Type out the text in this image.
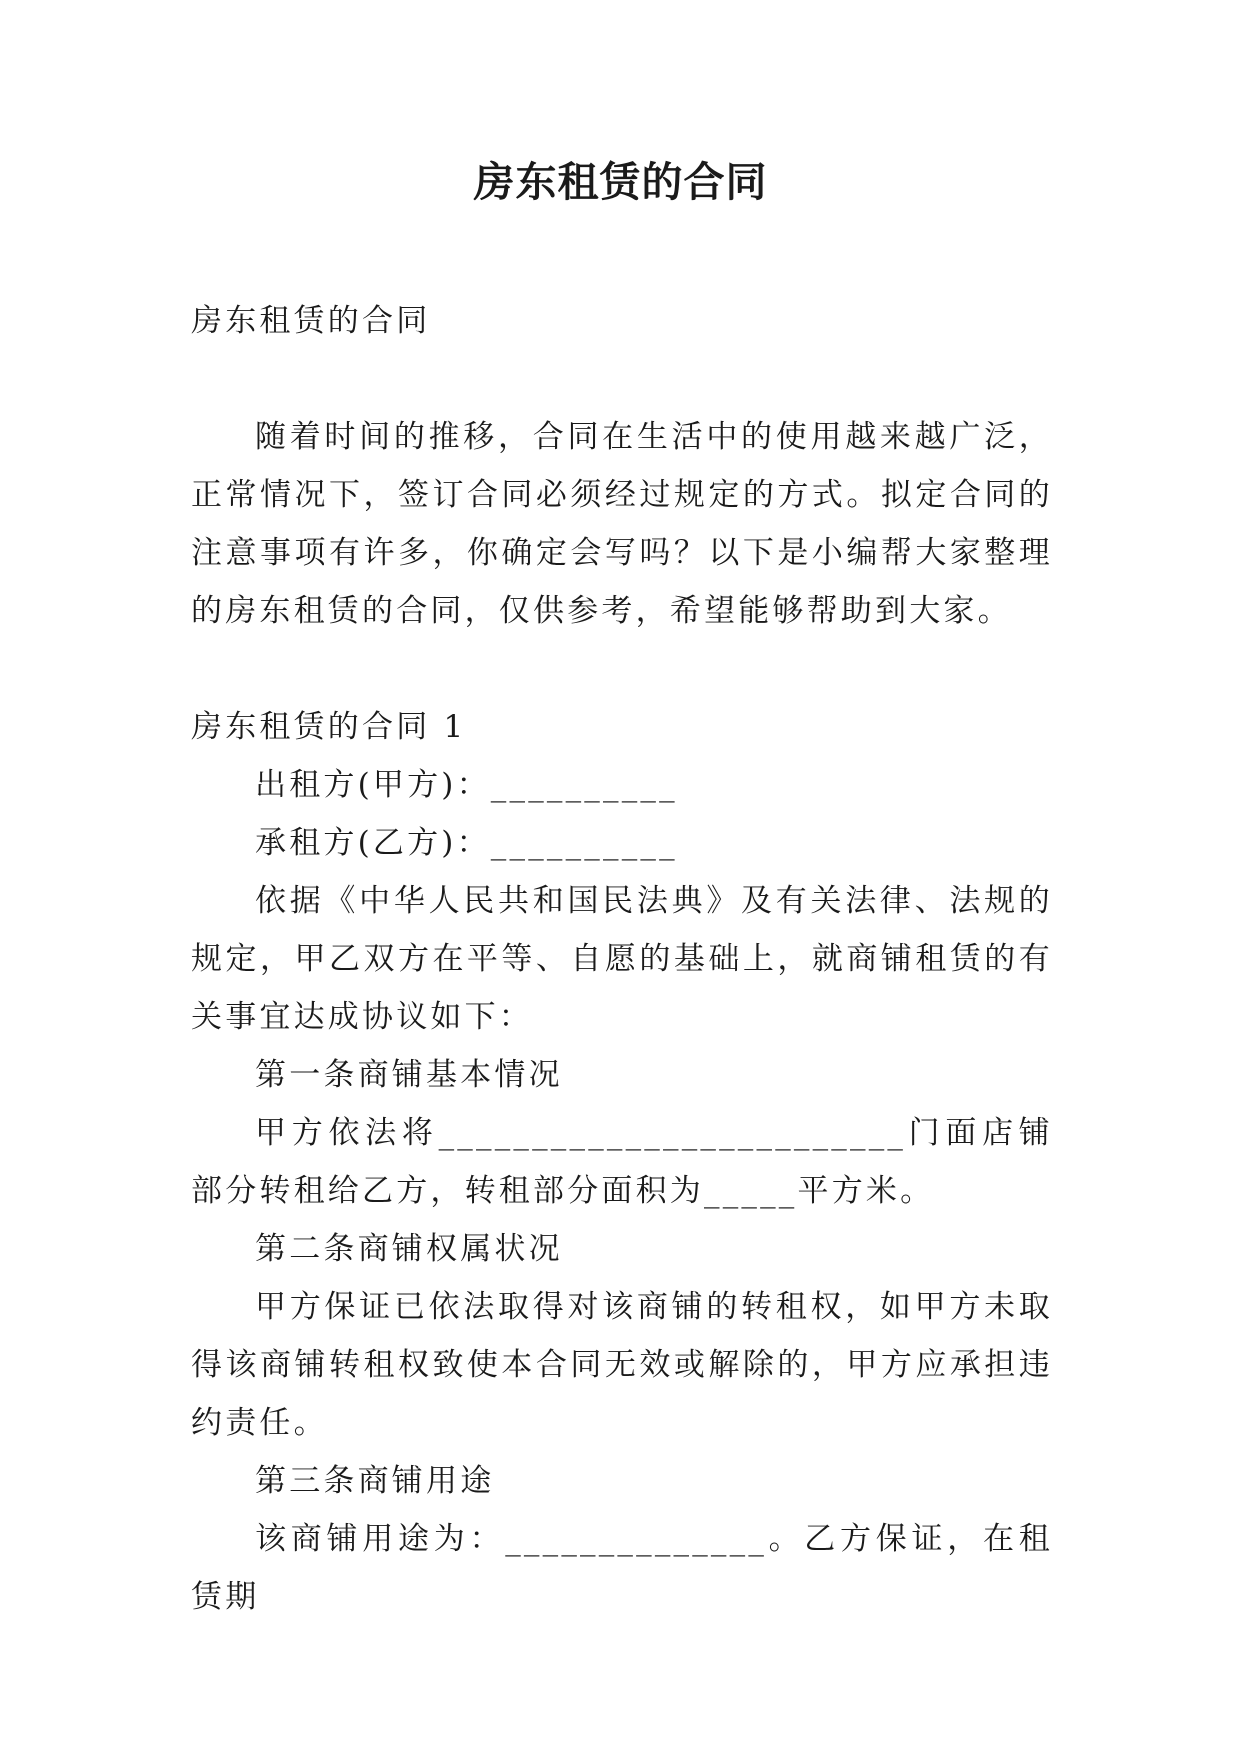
房东租赁的合同

房东租赁的合同

随着时间的推移，合同在生活中的使用越来越广泛，正常情况下，签订合同必须经过规定的方式。拟定合同的注意事项有许多，你确定会写吗？以下是小编帮大家整理的房东租赁的合同，仅供参考，希望能够帮助到大家。

房东租赁的合同 1

出租方(甲方)：__________

承租方(乙方)：__________

依据《中华人民共和国民法典》及有关法律、法规的规定，甲乙双方在平等、自愿的基础上，就商铺租赁的有关事宜达成协议如下：

第一条商铺基本情况

甲方依法将_________________________门面店铺部分转租给乙方，转租部分面积为_____平方米。

第二条商铺权属状况

甲方保证已依法取得对该商铺的转租权，如甲方未取得该商铺转租权致使本合同无效或解除的，甲方应承担违约责任。

第三条商铺用途

该商铺用途为：______________。乙方保证，在租赁期
